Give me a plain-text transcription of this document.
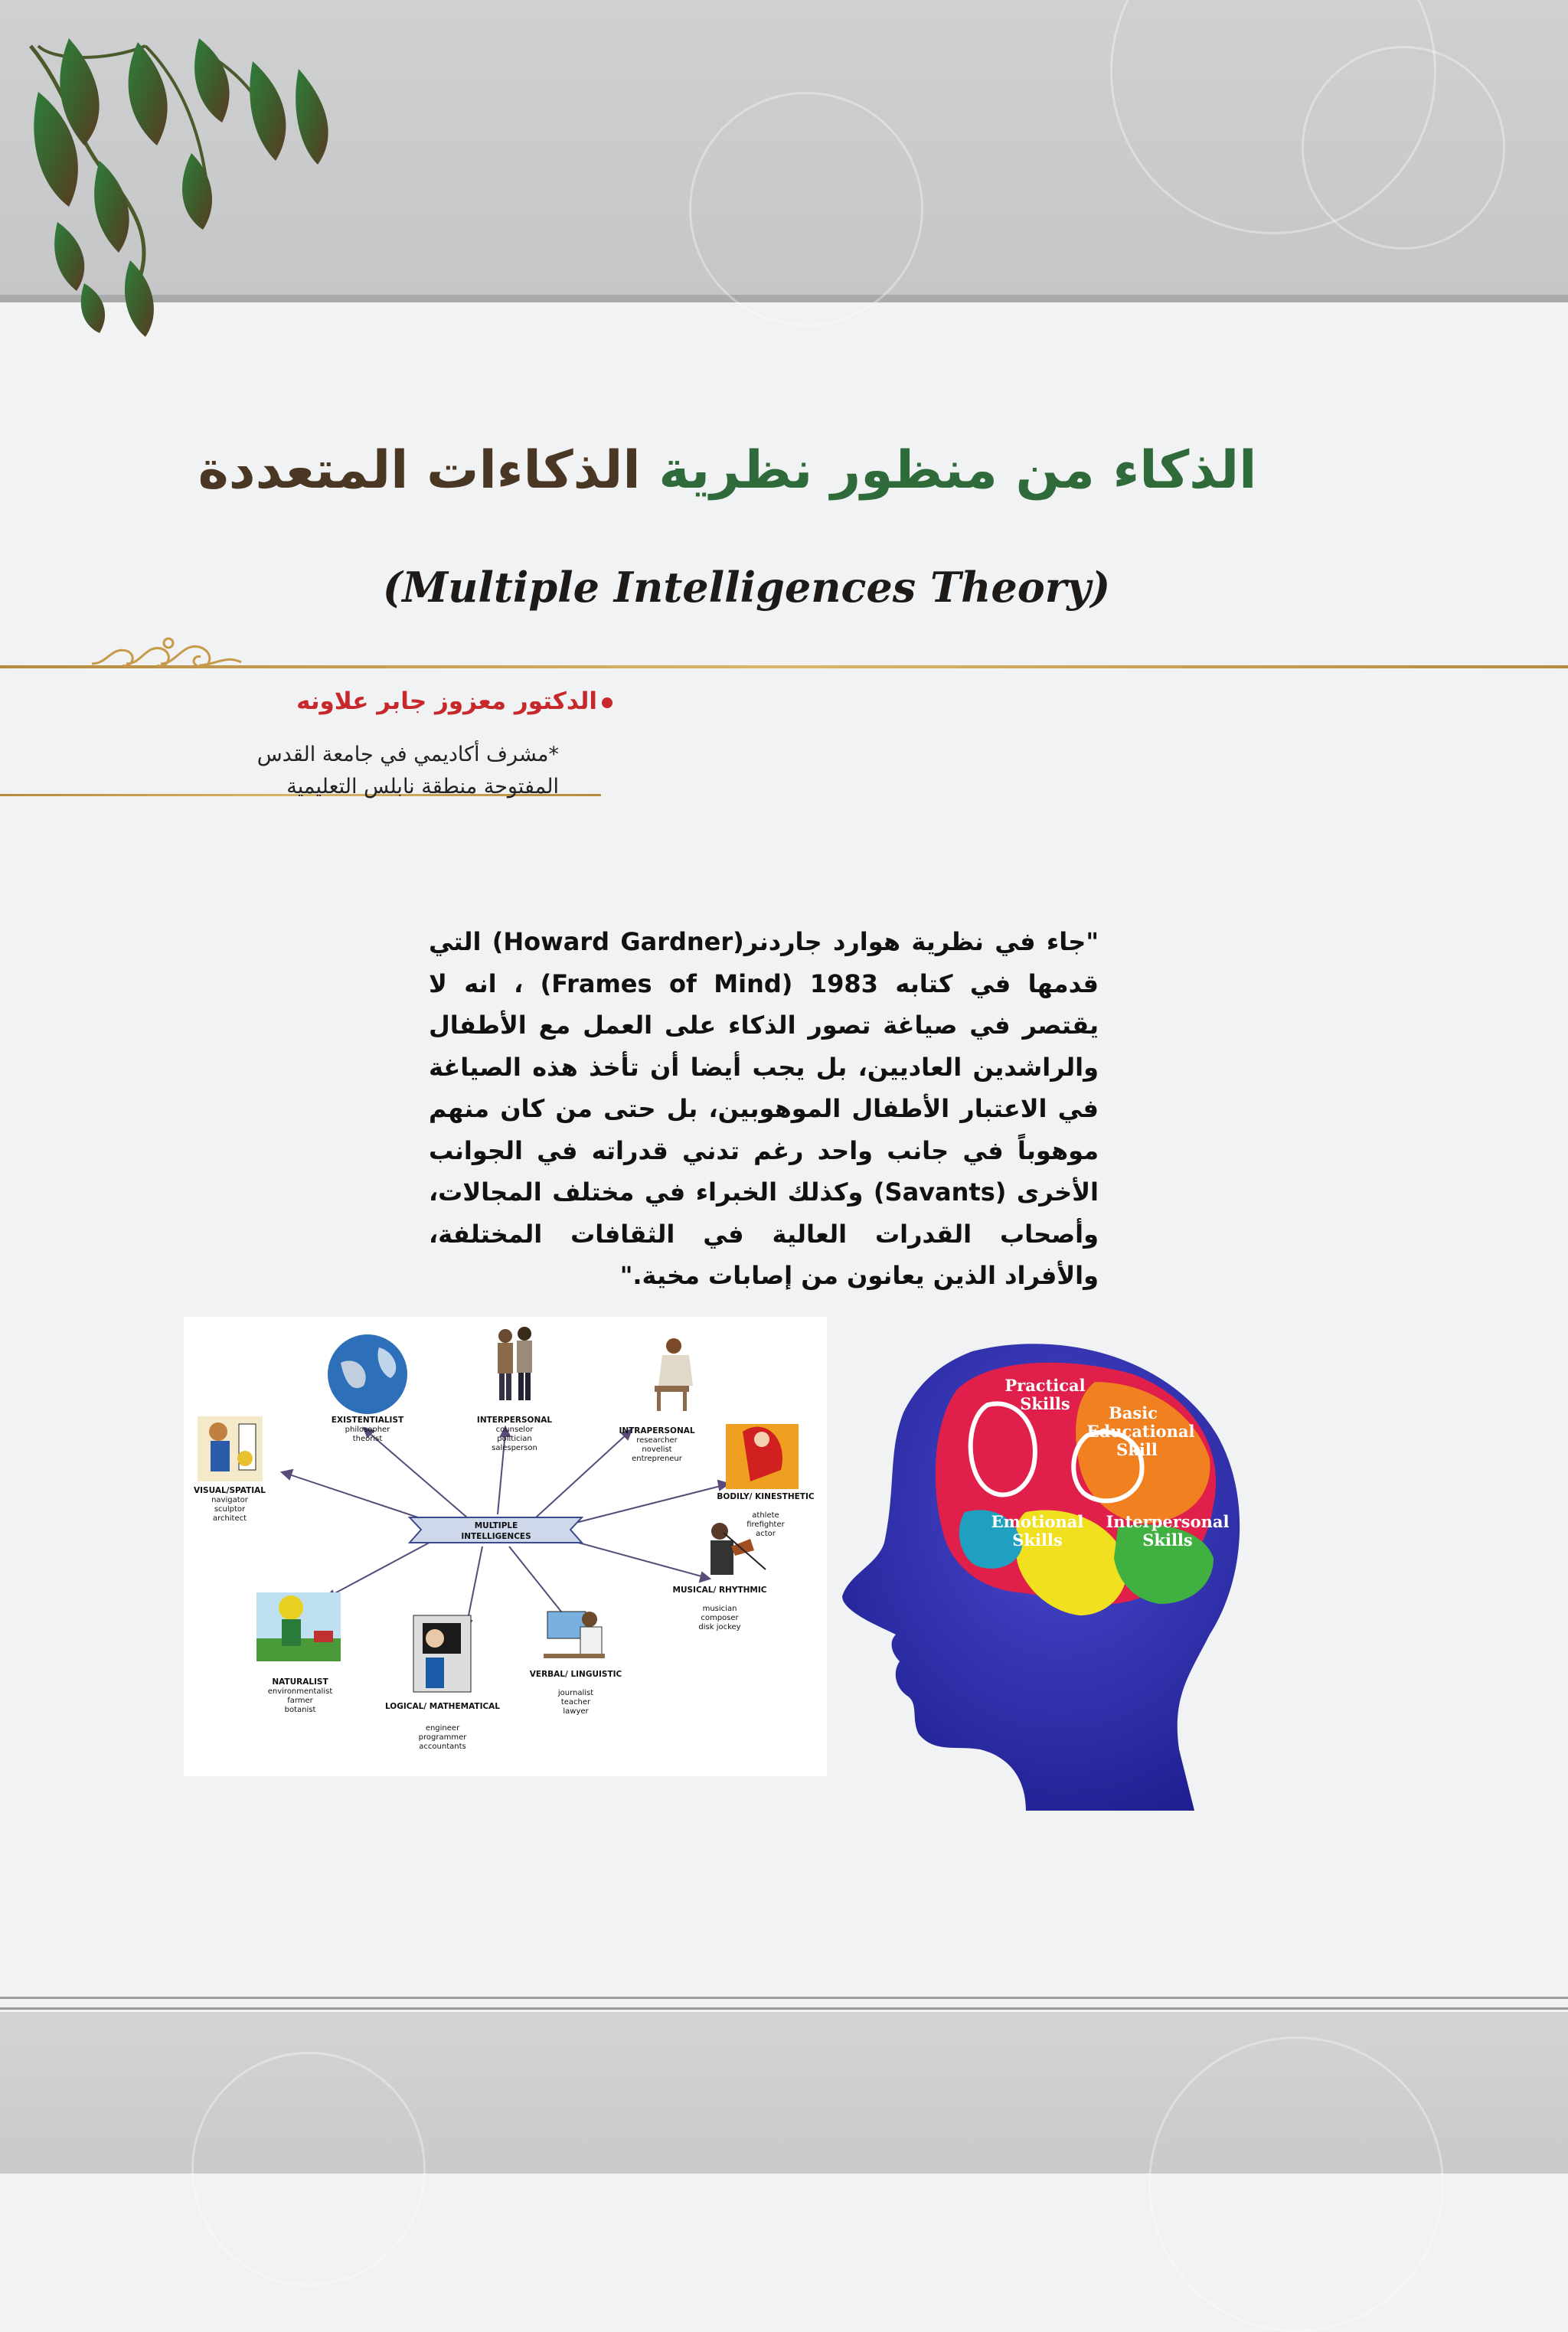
الذكاء من منظور نظرية الذكاءات المتعددة
(Multiple Intelligences Theory)
الدكتور معزوز جابر علاونه
*مشرف أكاديمي في جامعة القدس
المفتوحة منطقة نابلس التعليمية
"جاء في نظرية هوارد جاردنر(Howard Gardner) التي قدمها في كتابه 1983 (Frames of Mind) ، انه لا يقتصر في صياغة تصور الذكاء على العمل مع الأطفال والراشدين العاديين، بل يجب أيضا أن تأخذ هذه الصياغة في الاعتبار الأطفال الموهوبين، بل حتى من كان منهم موهوباً في جانب واحد رغم تدني قدراته في الجوانب الأخرى (Savants) وكذلك الخبراء في مختلف المجالات، وأصحاب القدرات العالية في الثقافات المختلفة، والأفراد الذين يعانون من إصابات مخية."
MULTIPLE
INTELLIGENCES
EXISTENTIALIST
philosopher
theorist
INTERPERSONAL
counselor
politician
salesperson
INTRAPERSONAL
researcher
novelist
entrepreneur
VISUAL/SPATIAL
navigator
sculptor
architect
BODILY/ KINESTHETIC
athlete
firefighter
actor
NATURALIST
environmentalist
farmer
botanist	LOGICAL/ MATHEMATICAL
engineer
programmer
accountants
VERBAL/ LINGUISTIC
journalist
teacher
lawyer
MUSICAL/ RHYTHMIC
musician
composer
disk jockey
Practical
Skills Basic
Educational
Skill
Emotional
Skills
Interpersonal
Skills
